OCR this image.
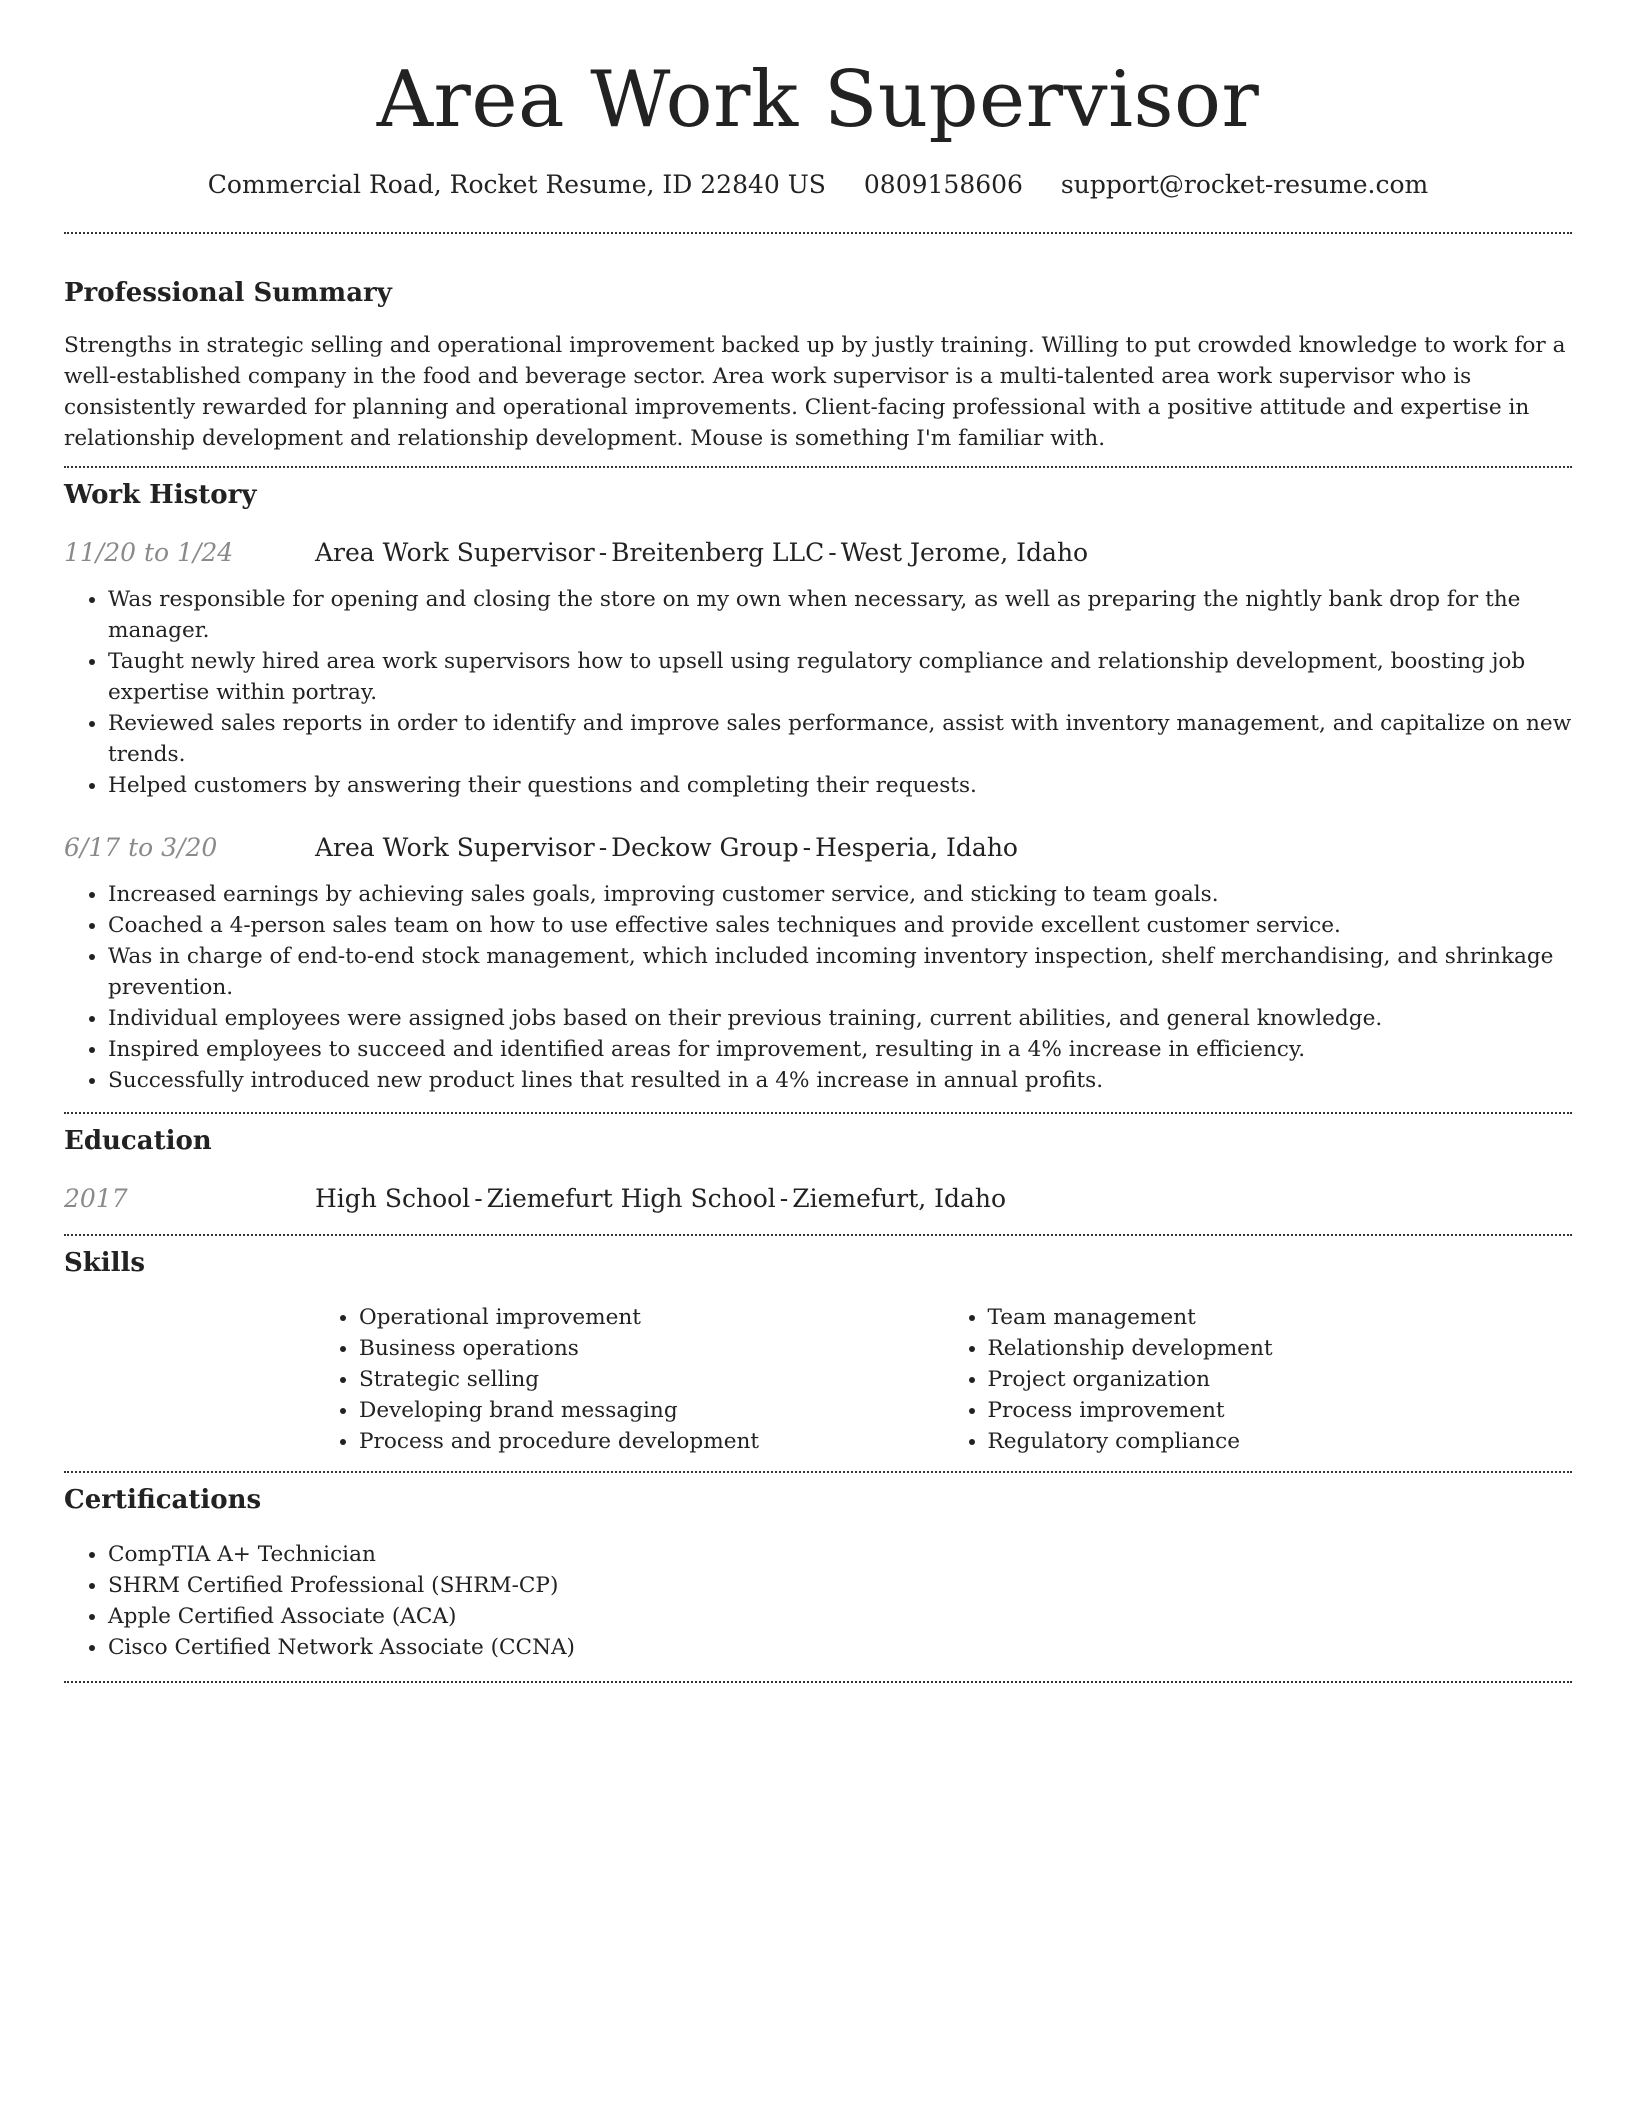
Area Work Supervisor
Commercial Road, Rocket Resume, ID 22840 US 0809158606 support@rocket-resume.com
Professional Summary

Strengths in strategic selling and operational improvement backed up by justly training. Willing to put crowded knowledge to work for a well-established company in the food and beverage sector. Area work supervisor is a multi-talented area work supervisor who is consistently rewarded for planning and operational improvements. Client-facing professional with a positive attitude and expertise in relationship development and relationship development. Mouse is something I'm familiar with.

Work History
11/20 to 1/24	Area Work Supervisor - Breitenberg LLC - West Jerome, Idaho
• Was responsible for opening and closing the store on my own when necessary, as well as preparing the nightly bank drop for the manager.
• Taught newly hired area work supervisors how to upsell using regulatory compliance and relationship development, boosting job expertise within portray.
• Reviewed sales reports in order to identify and improve sales performance, assist with inventory management, and capitalize on new trends.
• Helped customers by answering their questions and completing their requests.
6/17 to 3/20	Area Work Supervisor - Deckow Group - Hesperia, Idaho
• Increased earnings by achieving sales goals, improving customer service, and sticking to team goals.
• Coached a 4-person sales team on how to use effective sales techniques and provide excellent customer service.
• Was in charge of end-to-end stock management, which included incoming inventory inspection, shelf merchandising, and shrinkage prevention.
• Individual employees were assigned jobs based on their previous training, current abilities, and general knowledge.
• Inspired employees to succeed and identified areas for improvement, resulting in a 4% increase in efficiency.
• Successfully introduced new product lines that resulted in a 4% increase in annual profits.
Education
2017	High School - Ziemefurt High School - Ziemefurt, Idaho
Skills
• Operational improvement
• Business operations
• Strategic selling
• Developing brand messaging
• Process and procedure development
• Team management
• Relationship development
• Project organization
• Process improvement
• Regulatory compliance
Certifications
• CompTIA A+ Technician
• SHRM Certified Professional (SHRM-CP)
• Apple Certified Associate (ACA)
• Cisco Certified Network Associate (CCNA)
